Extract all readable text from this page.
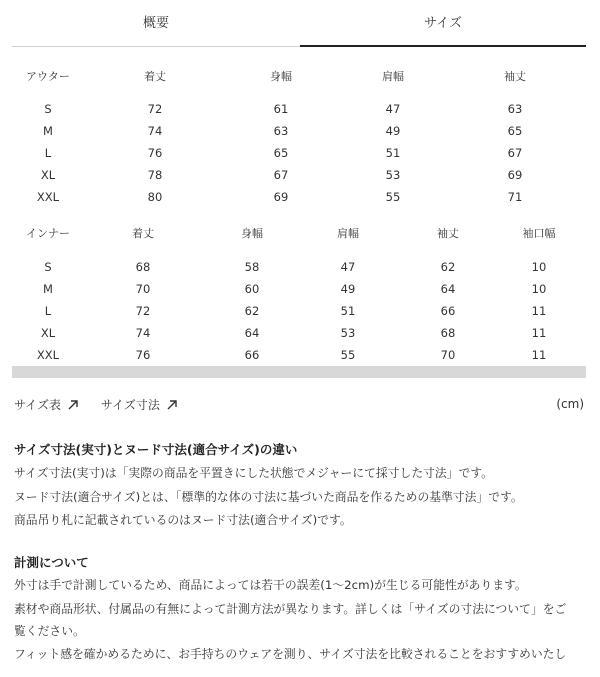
概要	サイズ
アウター	着丈	身幅	肩幅	袖丈

S	72	61	47	63
M	74	63	49	65
L	76	65	51	67
XL	78	67	53	69
XXL	80	69	55	71
インナー	着丈	身幅	肩幅	袖丈	袖口幅

S	68	58	47	62	10
M	70	60	49	64	10
L	72	62	51	66	11
XL	74	64	53	68	11
XXL	76	66	55	70	11
サイズ表
	サイズ寸法	(cm)
サイズ寸法(実寸)とヌード寸法(適合サイズ)の違い
サイズ寸法(実寸)は「実際の商品を平置きにした状態でメジャーにて採寸した寸法」です。
ヌード寸法(適合サイズ)とは、「標準的な体の寸法に基づいた商品を作るための基準寸法」です。
商品吊り札に記載されているのはヌード寸法(適合サイズ)です。
計測について
外寸は手で計測しているため、商品によっては若干の誤差(1〜2cm)が生じる可能性があります。
素材や商品形状、付属品の有無によって計測方法が異なります。詳しくは「サイズの寸法について」をご
覧ください。
フィット感を確かめるために、お手持ちのウェアを測り、サイズ寸法を比較されることをおすすめいたし
